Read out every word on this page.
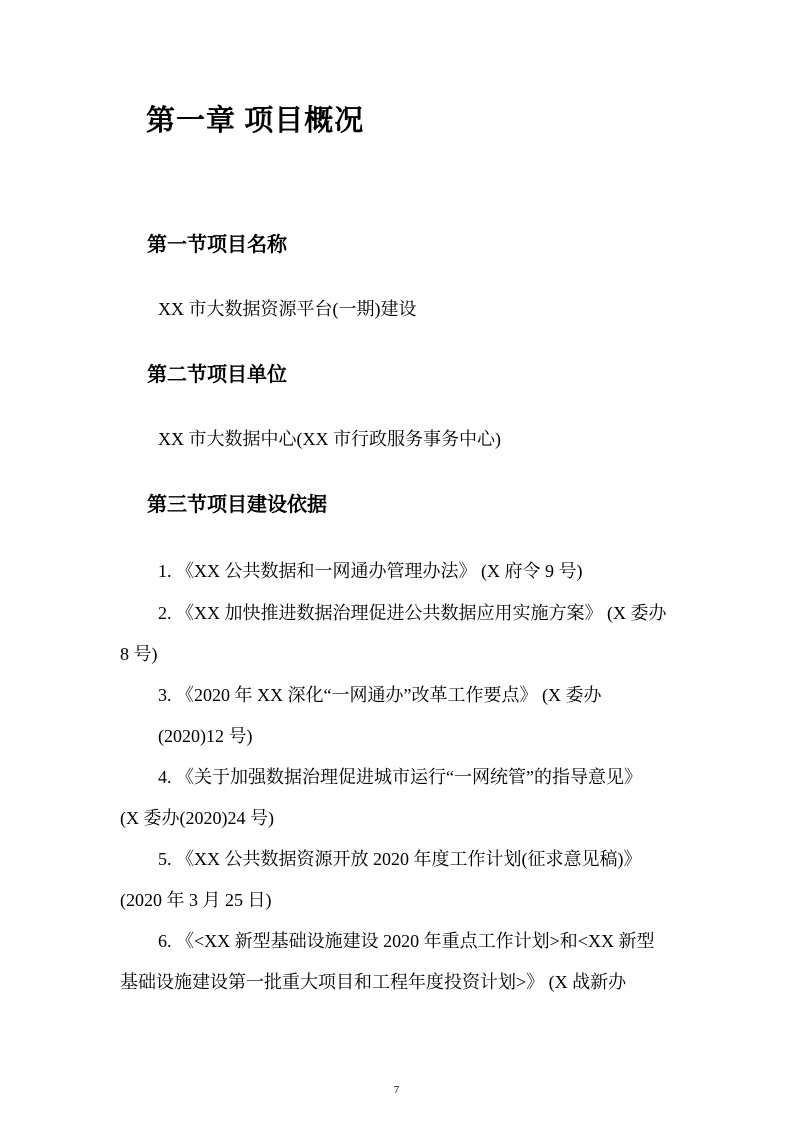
第一章 项目概况
第一节项目名称
XX 市大数据资源平台(一期)建设
第二节项目单位
XX 市大数据中心(XX 市行政服务事务中心)
第三节项目建设依据
1. 《XX 公共数据和一网通办管理办法》 (X 府令 9 号)
2. 《XX 加快推进数据治理促进公共数据应用实施方案》 (X 委办
8 号)
3. 《2020 年 XX 深化“一网通办”改革工作要点》 (X 委办
(2020)12 号)
4. 《关于加强数据治理促进城市运行“一网统管”的指导意见》
(X 委办(2020)24 号)
5. 《XX 公共数据资源开放 2020 年度工作计划(征求意见稿)》
(2020 年 3 月 25 日)
6. 《<XX 新型基础设施建设 2020 年重点工作计划>和<XX 新型
基础设施建设第一批重大项目和工程年度投资计划>》 (X 战新办
7
